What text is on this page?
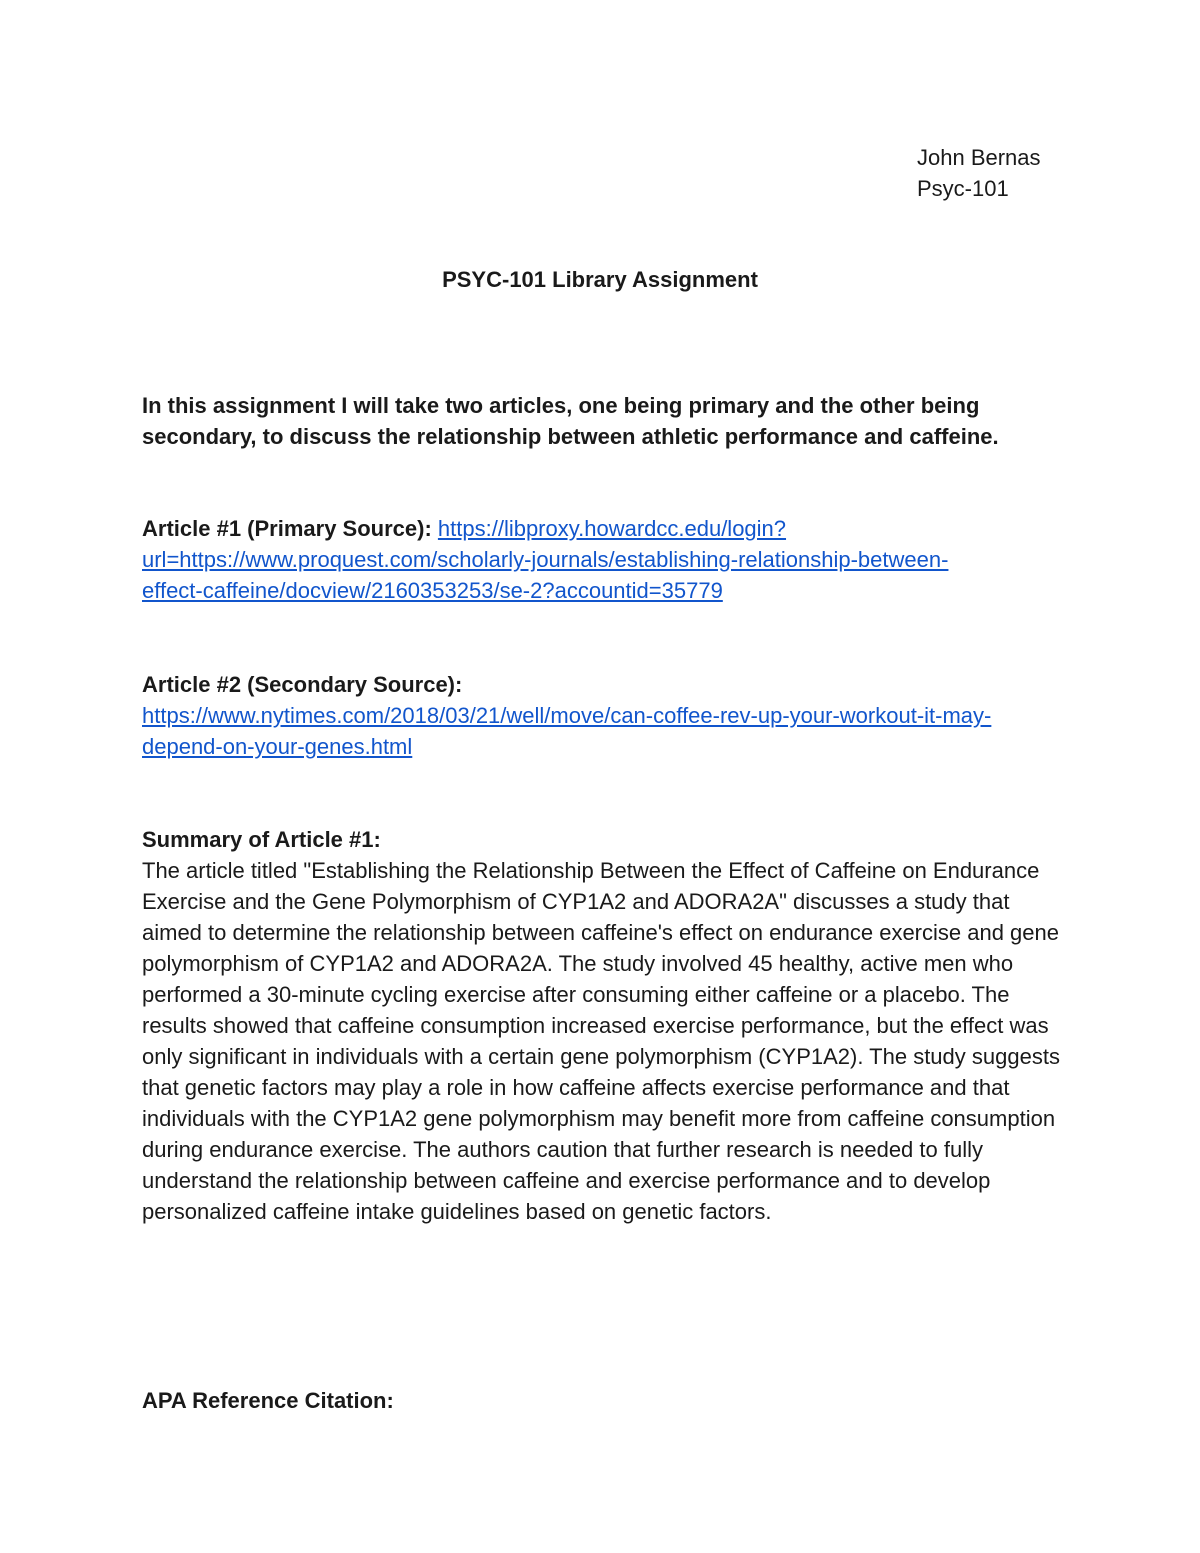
John Bernas
Psyc-101
PSYC-101 Library Assignment

In this assignment I will take two articles, one being primary and the other being secondary, to discuss the relationship between athletic performance and caffeine.

Article #1 (Primary Source): https://libproxy.howardcc.edu/login?
url=https://www.proquest.com/scholarly-journals/establishing-relationship-between-
effect-caffeine/docview/2160353253/se-2?accountid=35779
Article #2 (Secondary Source):
https://www.nytimes.com/2018/03/21/well/move/can-coffee-rev-up-your-workout-it-may-
depend-on-your-genes.html
Summary of Article #1:

The article titled "Establishing the Relationship Between the Effect of Caffeine on Endurance Exercise and the Gene Polymorphism of CYP1A2 and ADORA2A" discusses a study that aimed to determine the relationship between caffeine's effect on endurance exercise and gene polymorphism of CYP1A2 and ADORA2A. The study involved 45 healthy, active men who performed a 30-minute cycling exercise after consuming either caffeine or a placebo. The results showed that caffeine consumption increased exercise performance, but the effect was only significant in individuals with a certain gene polymorphism (CYP1A2). The study suggests that genetic factors may play a role in how caffeine affects exercise performance and that individuals with the CYP1A2 gene polymorphism may benefit more from caffeine consumption during endurance exercise. The authors caution that further research is needed to fully understand the relationship between caffeine and exercise performance and to develop personalized caffeine intake guidelines based on genetic factors.

APA Reference Citation:
